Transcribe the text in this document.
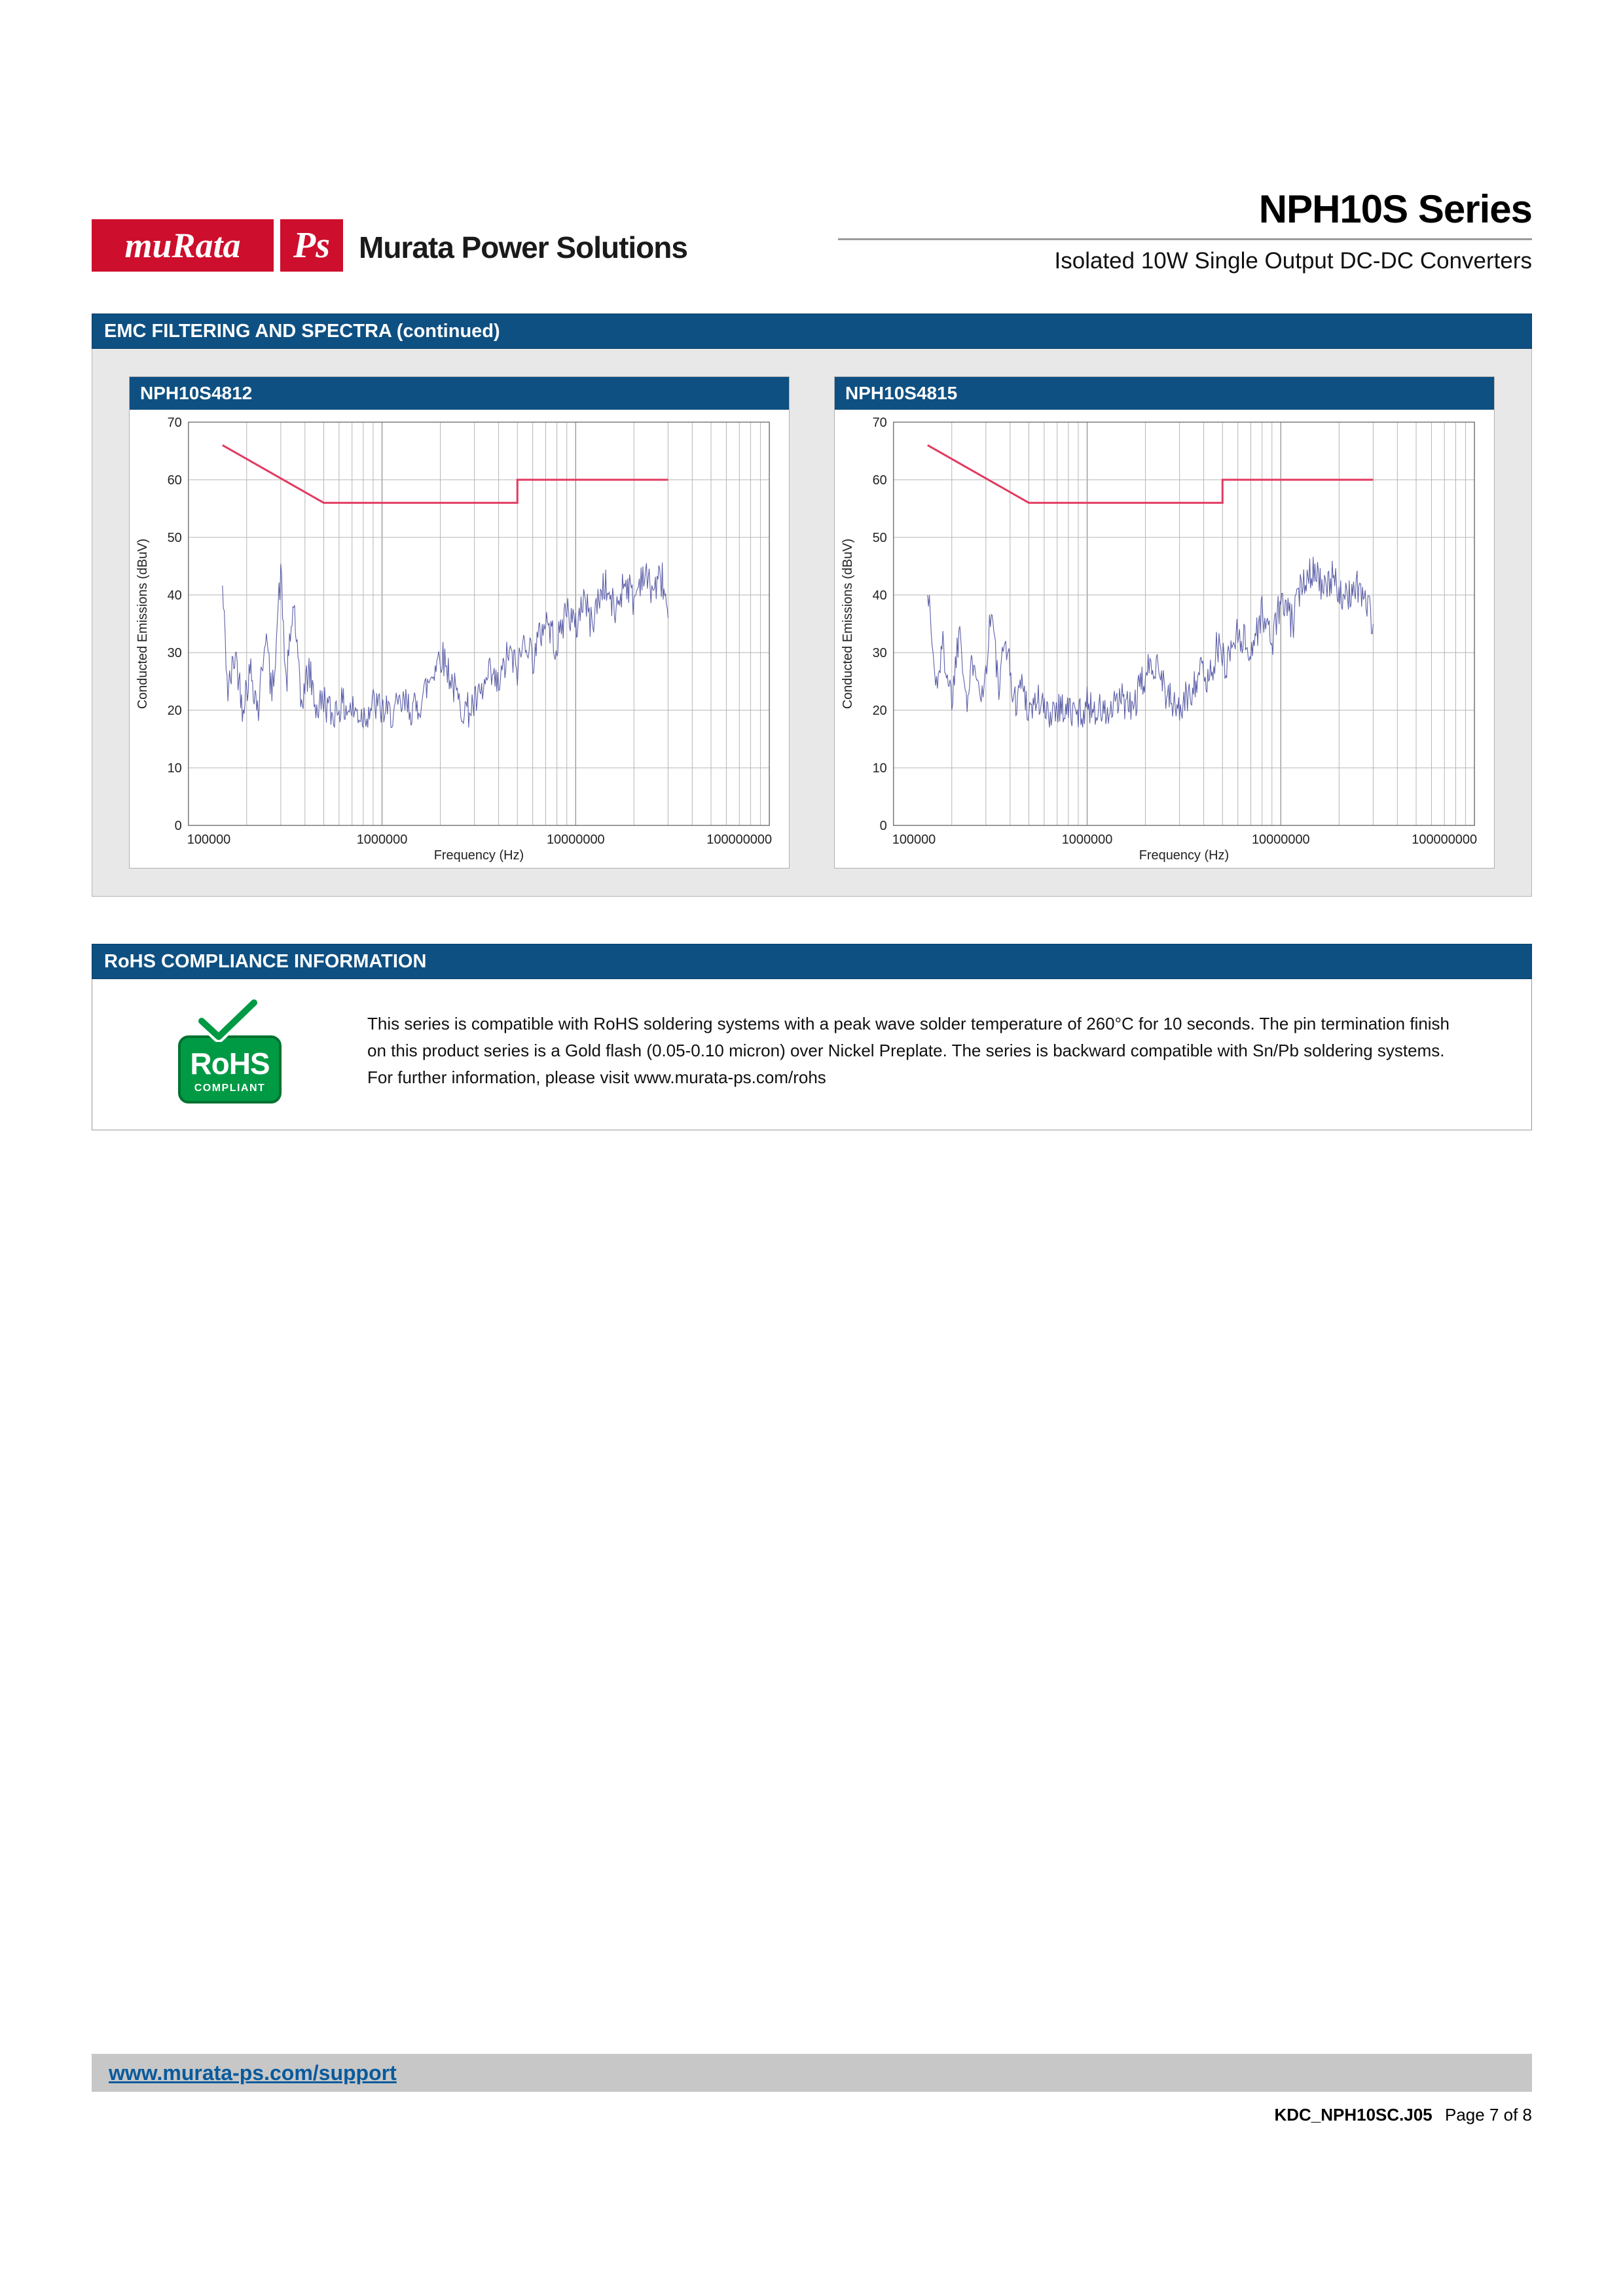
muRata Ps Murata Power Solutions
NPH10S Series
Isolated 10W Single Output DC-DC Converters
EMC FILTERING AND SPECTRA (continued)
NPH10S4812
0
10
20
30
40
50
60
70
100000	1000000	10000000	100000000
Frequency (Hz)
Conducted Emissions (dBuV)
NPH10S4815
0
10
20
30
40
50
60
70
100000	1000000	10000000	100000000
Frequency (Hz)
Conducted Emissions (dBuV)
RoHS COMPLIANCE INFORMATION
RoHS
COMPLIANT
This series is compatible with RoHS soldering systems with a peak wave solder temperature of 260°C for 10 seconds. The pin termination finish
on this product series is a Gold flash (0.05-0.10 micron) over Nickel Preplate. The series is backward compatible with Sn/Pb soldering systems.
For further information, please visit www.murata-ps.com/rohs
www.murata-ps.com/support
KDC_NPH10SC.J05 Page 7 of 8
